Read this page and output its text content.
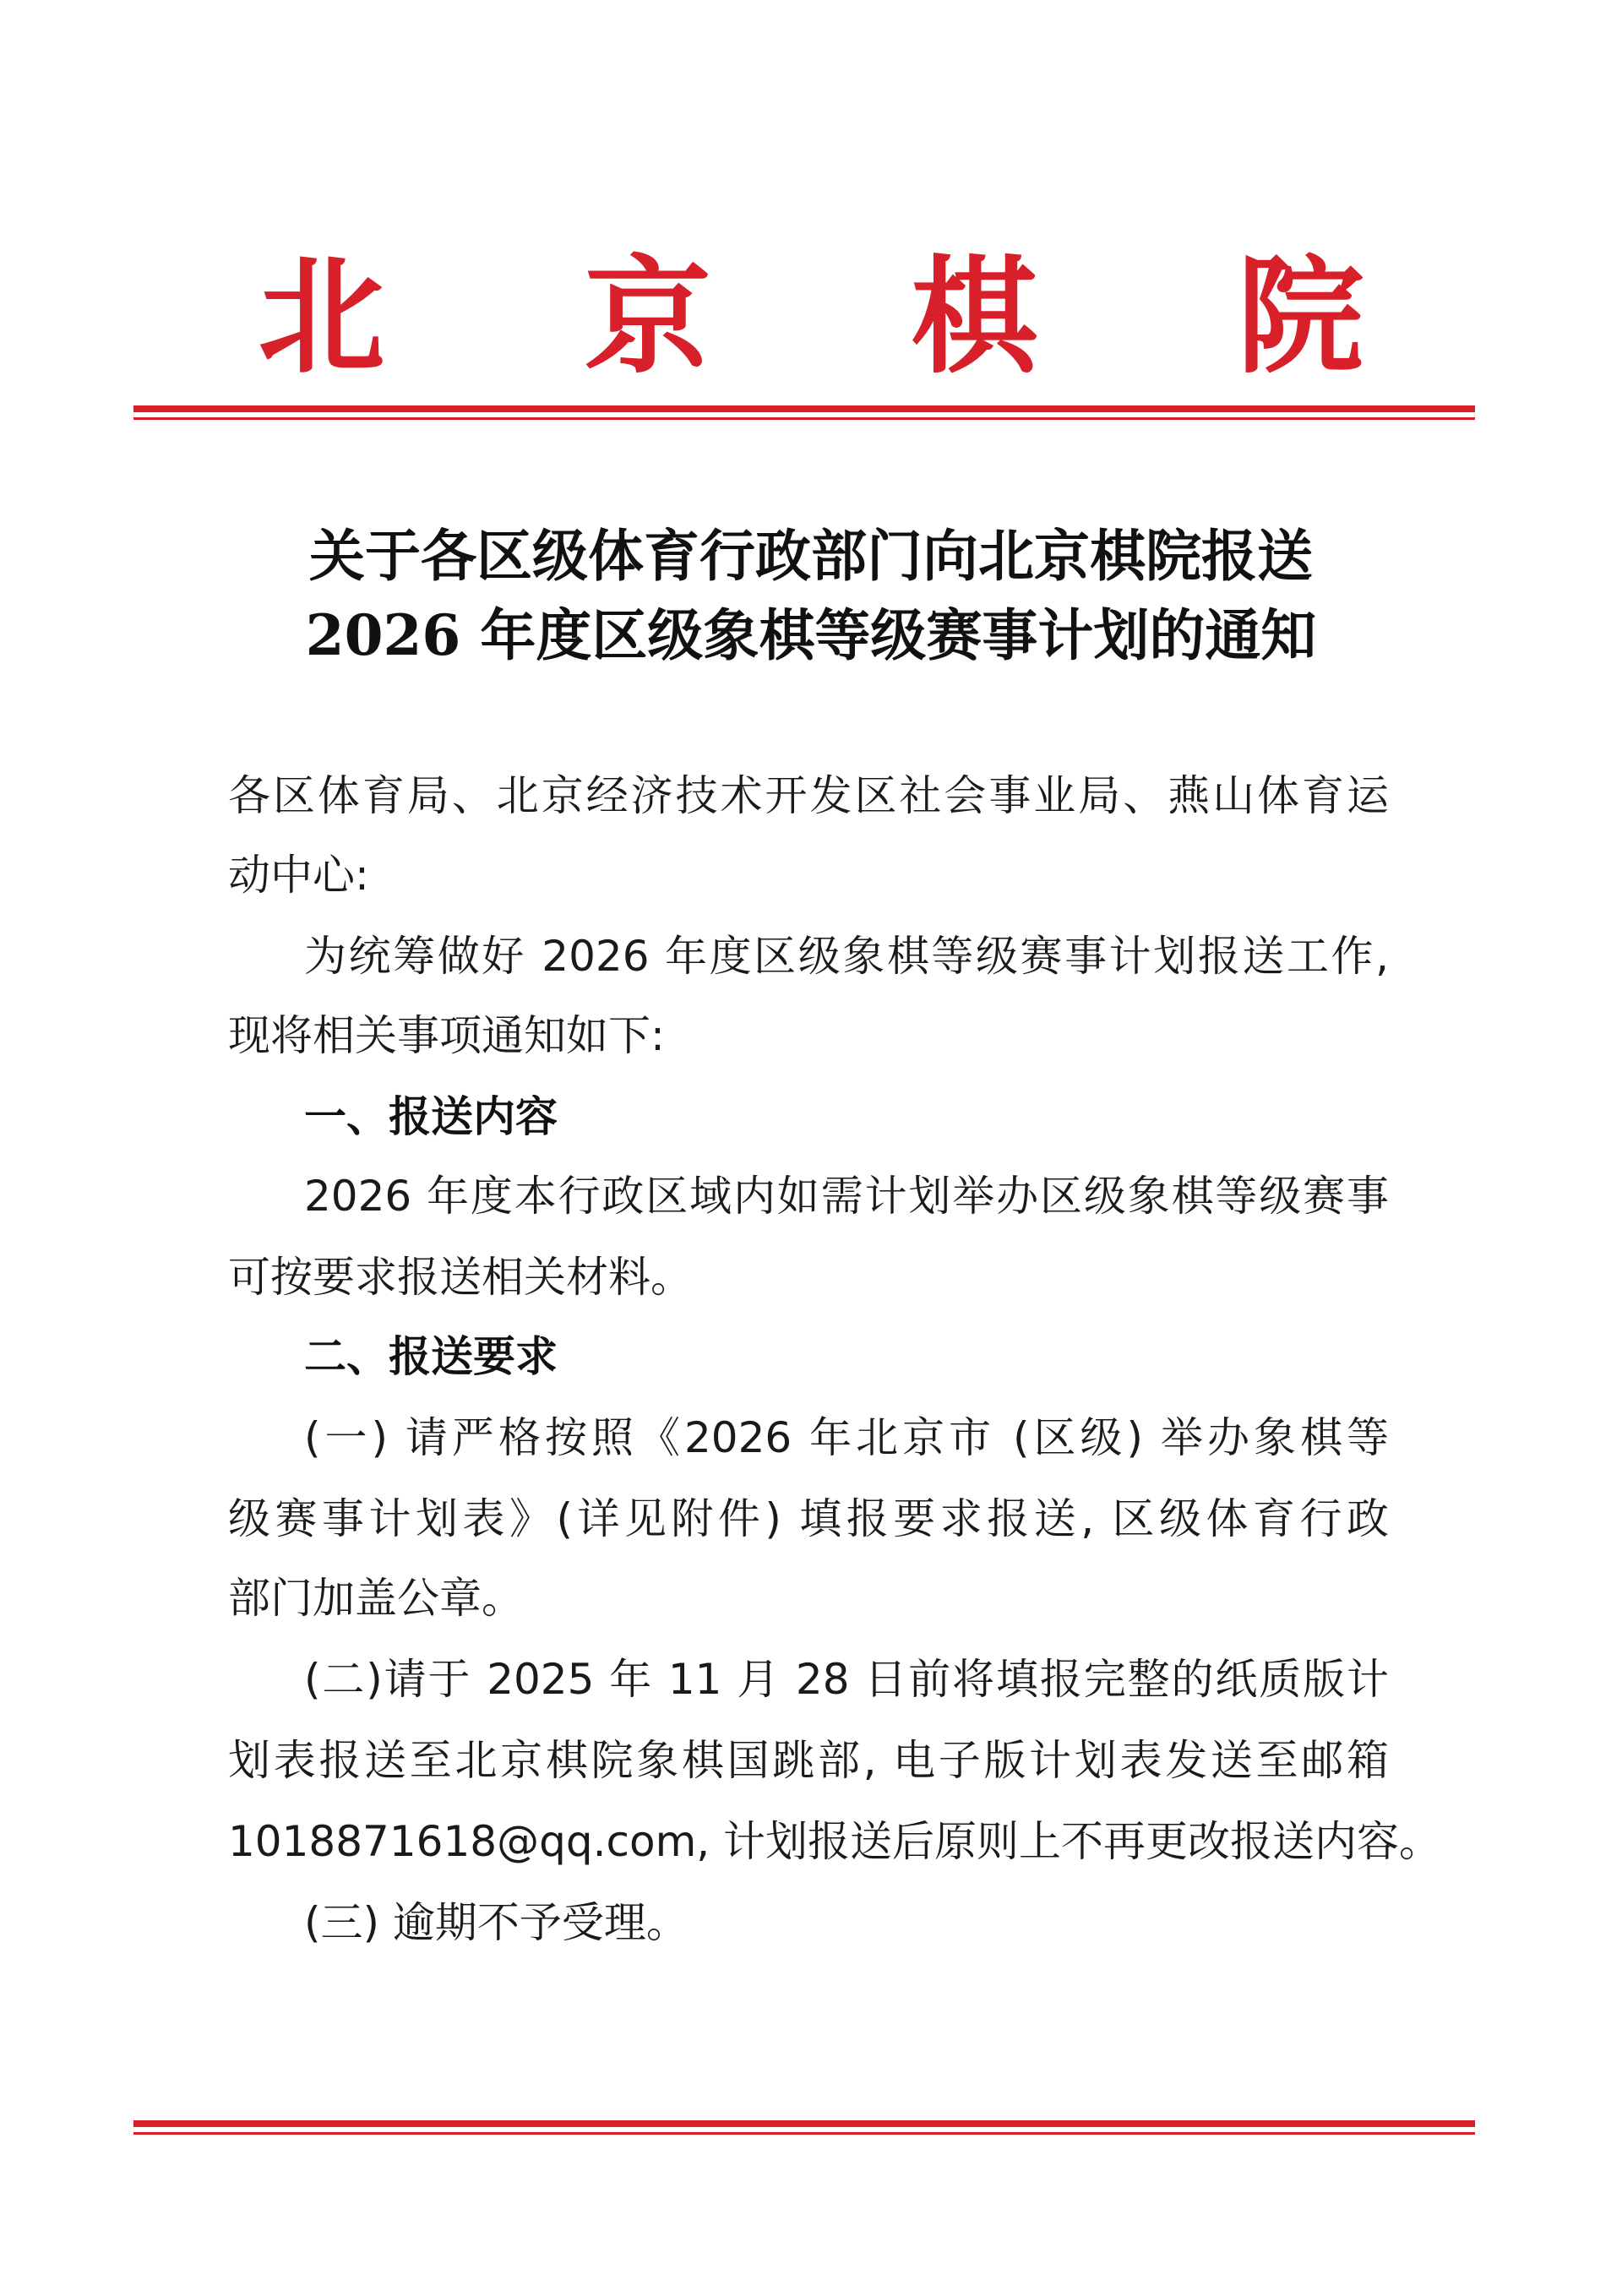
北 京 棋 院
关于各区级体育行政部门向北京棋院报送
2026 年度区级象棋等级赛事计划的通知
各区体育局、北京经济技术开发区社会事业局、燕山体育运
动中心:
为统筹做好 2026 年度区级象棋等级赛事计划报送工作,
现将相关事项通知如下:
一、报送内容
2026 年度本行政区域内如需计划举办区级象棋等级赛事
可按要求报送相关材料。
二、报送要求
(一) 请严格按照《2026 年北京市 (区级) 举办象棋等
级赛事计划表》(详见附件) 填报要求报送, 区级体育行政
部门加盖公章。
(二)请于 2025 年 11 月 28 日前将填报完整的纸质版计
划表报送至北京棋院象棋国跳部, 电子版计划表发送至邮箱
1018871618@qq.com, 计划报送后原则上不再更改报送内容。
(三) 逾期不予受理。
